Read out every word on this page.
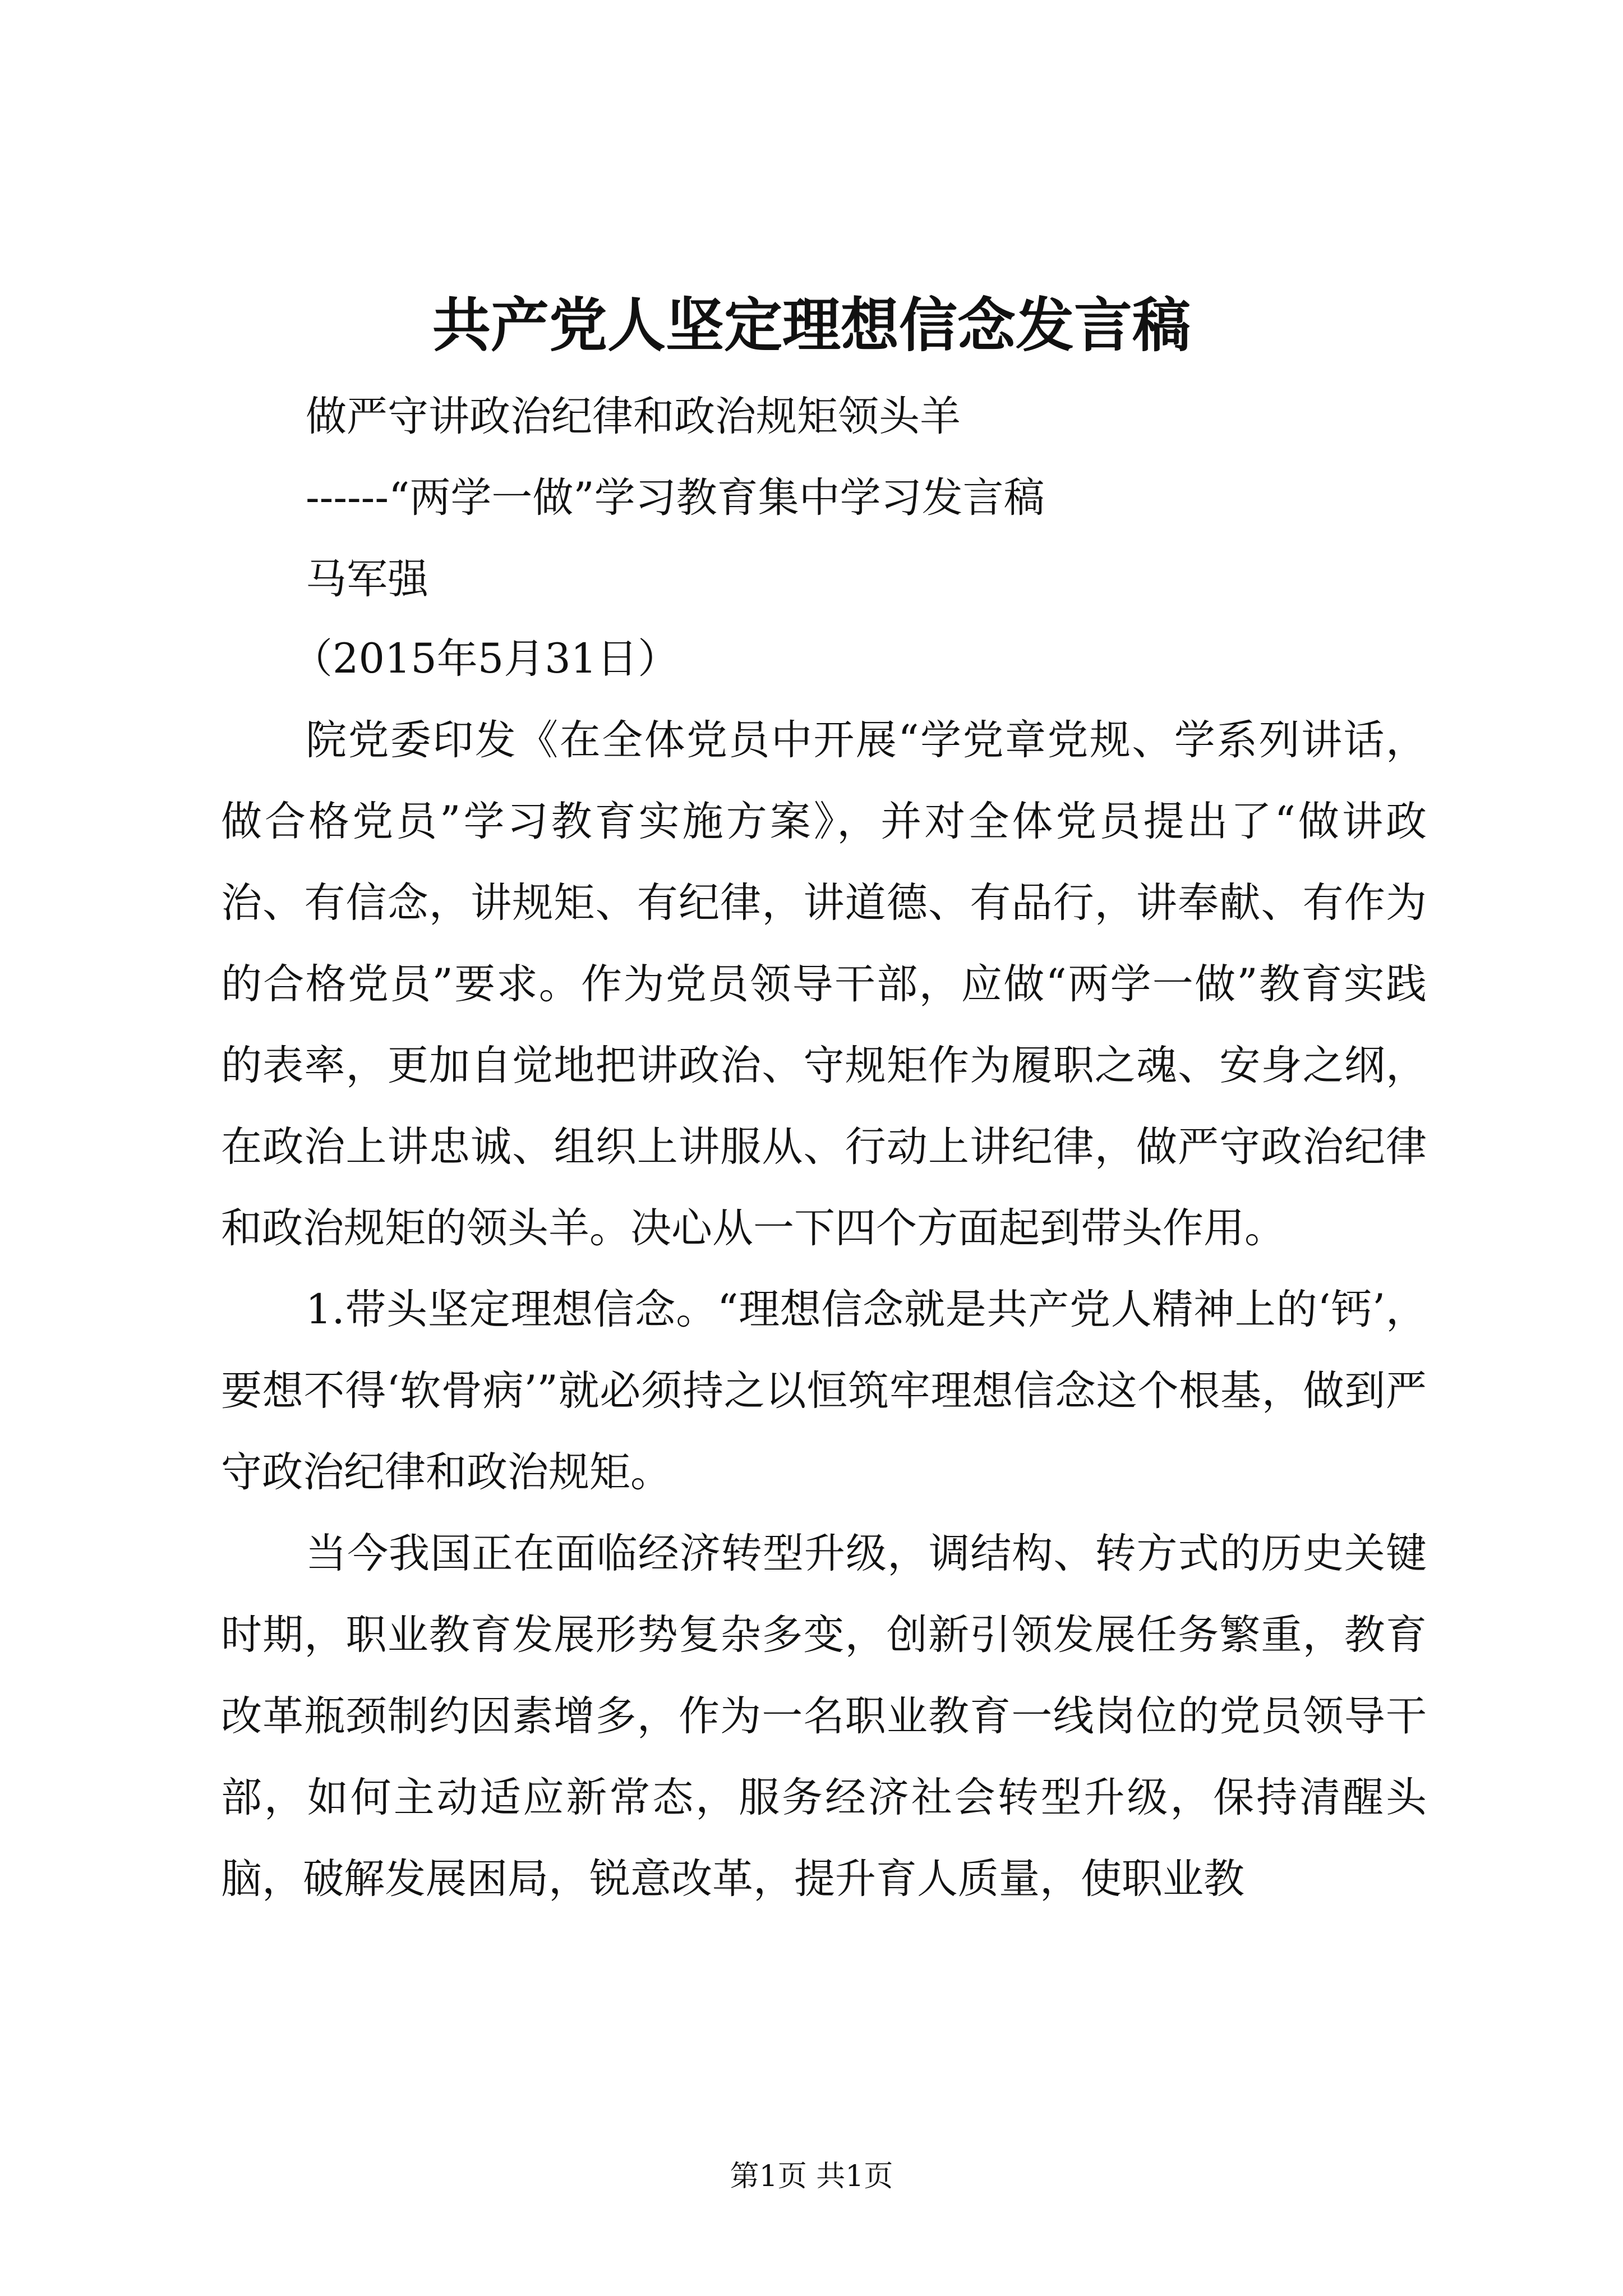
共产党人坚定理想信念发言稿
做严守讲政治纪律和政治规矩领头羊
------“两学一做”学习教育集中学习发言稿
马军强
（2015年5月31日）

院党委印发《在全体党员中开展“学党章党规、学系列讲话，做合格党员”学习教育实施方案》，并对全体党员提出了“做讲政治、有信念，讲规矩、有纪律，讲道德、有品行，讲奉献、有作为的合格党员”要求。作为党员领导干部，应做“两学一做”教育实践的表率，更加自觉地把讲政治、守规矩作为履职之魂、安身之纲，在政治上讲忠诚、组织上讲服从、行动上讲纪律，做严守政治纪律和政治规矩的领头羊。决心从一下四个方面起到带头作用。

1.带头坚定理想信念。“理想信念就是共产党人精神上的‘钙’，要想不得‘软骨病’”就必须持之以恒筑牢理想信念这个根基，做到严守政治纪律和政治规矩。

当今我国正在面临经济转型升级，调结构、转方式的历史关键时期，职业教育发展形势复杂多变，创新引领发展任务繁重，教育改革瓶颈制约因素增多，作为一名职业教育一线岗位的党员领导干部，如何主动适应新常态，服务经济社会转型升级，保持清醒头脑，破解发展困局，锐意改革，提升育人质量，使职业教

第1页 共1页
